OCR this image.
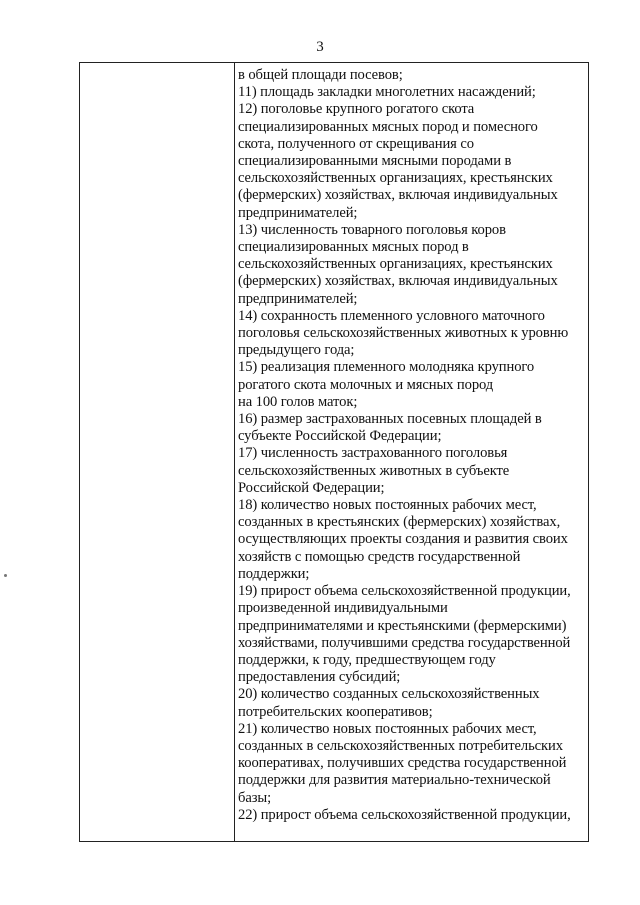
3
в общей площади посевов;
11) площадь закладки многолетних насаждений;
12) поголовье крупного рогатого скота
специализированных мясных пород и помесного
скота, полученного от скрещивания со
специализированными мясными породами в
сельскохозяйственных организациях, крестьянских
(фермерских) хозяйствах, включая индивидуальных
предпринимателей;
13) численность товарного поголовья коров
специализированных мясных пород в
сельскохозяйственных организациях, крестьянских
(фермерских) хозяйствах, включая индивидуальных
предпринимателей;
14) сохранность племенного условного маточного
поголовья сельскохозяйственных животных к уровню
предыдущего года;
15) реализация племенного молодняка крупного
рогатого скота молочных и мясных пород
на 100 голов маток;
16) размер застрахованных посевных площадей в
субъекте Российской Федерации;
17) численность застрахованного поголовья
сельскохозяйственных животных в субъекте
Российской Федерации;
18) количество новых постоянных рабочих мест,
созданных в крестьянских (фермерских) хозяйствах,
осуществляющих проекты создания и развития своих
хозяйств с помощью средств государственной
поддержки;
19) прирост объема сельскохозяйственной продукции,
произведенной индивидуальными
предпринимателями и крестьянскими (фермерскими)
хозяйствами, получившими средства государственной
поддержки, к году, предшествующем году
предоставления субсидий;
20) количество созданных сельскохозяйственных
потребительских кооперативов;
21) количество новых постоянных рабочих мест,
созданных в сельскохозяйственных потребительских
кооперативах, получивших средства государственной
поддержки для развития материально-технической
базы;
22) прирост объема сельскохозяйственной продукции,
